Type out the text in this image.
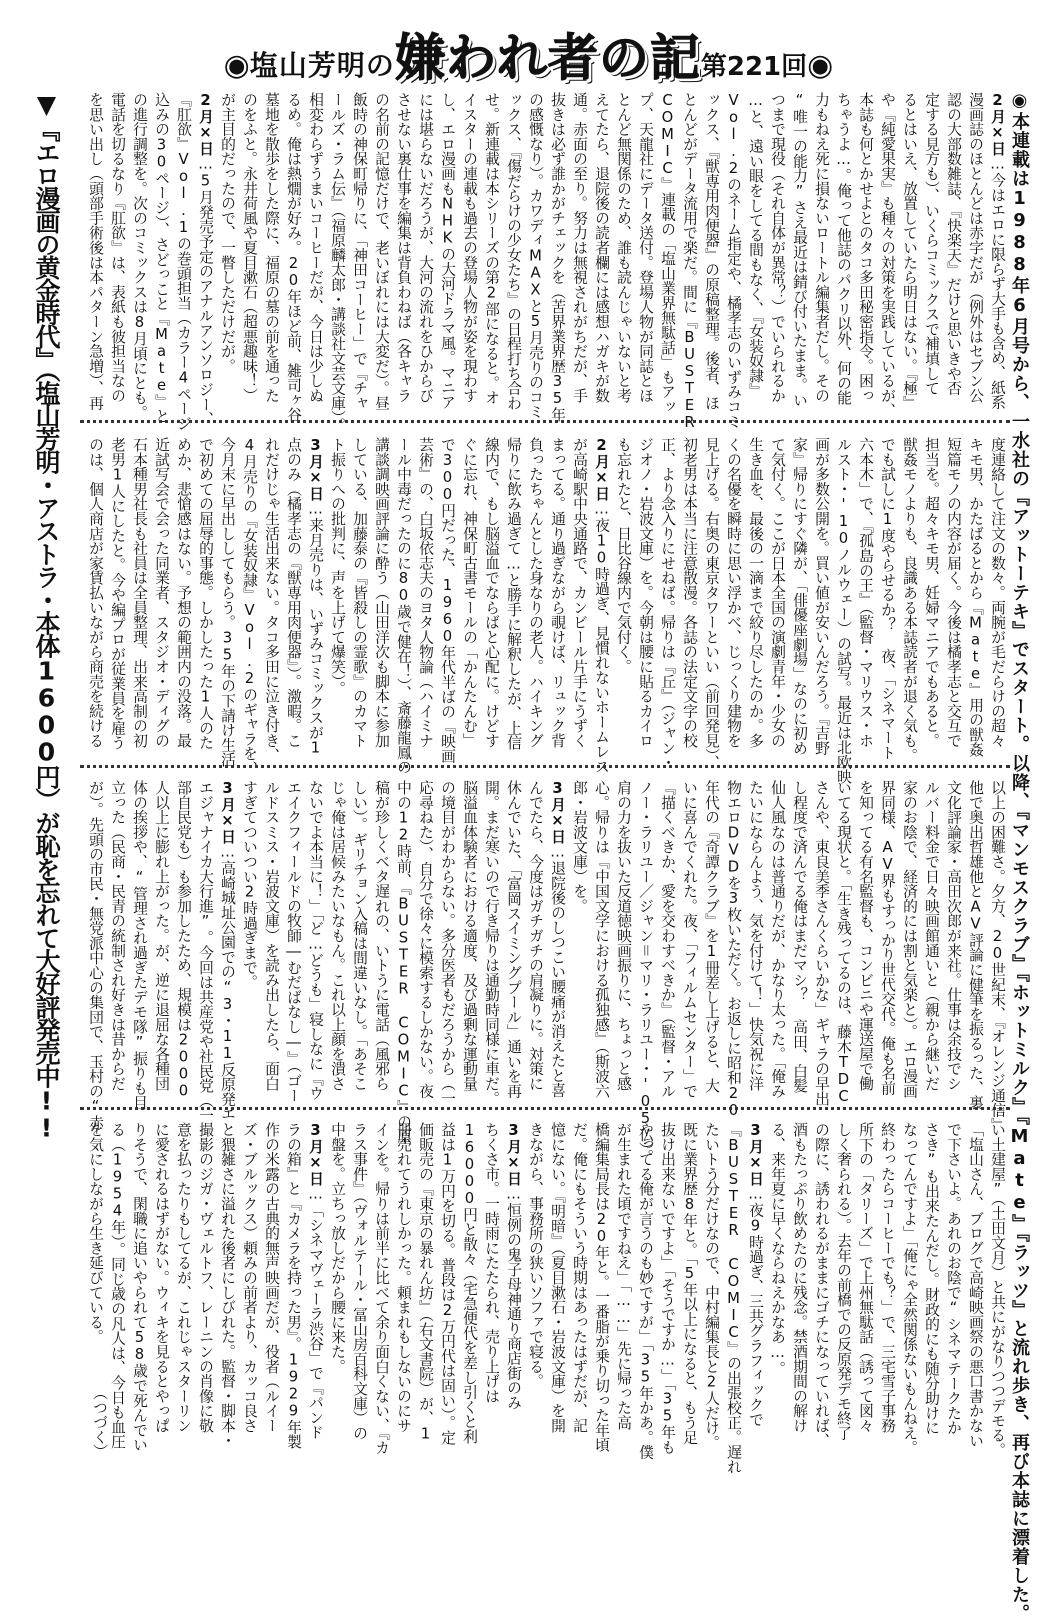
◉塩山芳明の嫌われ者の記第221回◉
▼『エロ漫画の黄金時代』（塩山芳明・アストラ・本体1600円）が恥を忘れて大好評発売中!!	◉本連載は1988年6月号から、一水社の『アットーテキ』でスタート。以降、『マンモスクラブ』『ホットミルク』『Mate』『ラッツ』と流れ歩き、再び本誌に漂着した。
2月×日…今はエロに限らず大手も含め、紙系
漫画誌のほとんどは赤字だが（例外はセブン公
認の大部数雑誌、『快楽天』だけと思いきや否
定する見方も）、いくらコミックスで補填して
るとはいえ、放置していたら明日はない。『極』
や『純愛果実』も種々の対策を実践しているが、
本誌も何とかせよとのタコ多田秘密指令。困っ
ちゃうよ…。俺って他誌のパクリ以外、何の能
力もねえ死に損ないロートル編集者だし。その
“唯一の能力”さえ最近は錆び付いたまま。い
つまで現役（それ自体が異常？）でいられるか
…と、遠い眼をしてる間もなく、『女装奴隷』
Vol.2のネーム指定や、橘孝志のいずみコミ
ックス、『獣専用肉便器』の原稿整理。後者、ほ
とんどがデータ流用で楽だ。間に『BUSTER
COMIC』連載の「塩山業界無駄話」もアッ
プ、天龍社にデータ送付。登場人物が同誌とほ
とんど無関係のため、誰も読んじゃいないと考
えてたら、退院後の読者欄には感想ハガキが数
通。赤面の至り。努力は無視されがちだが、手
抜きは必ず誰かがチェックを（苦界業界歴35年
の感慨なり）。カワディMAXと5月売りのコミ
ックス、『傷だらけの少女たち』の日程打ち合わ
せ。新連載は本シリーズの第2部になると。オ
イスターの連載も過去の登場人物が姿を現わす
し、エロ漫画もNHKの大河ドラマ風。マニア
には堪らないだろうが、大河の流れをひからび
させない裏仕事を編集は背負わねば（各キャラ
の名前の記憶だけで、老いぼれには大変だ）。昼
飯時の神保町帰りに、「神田コーヒー」で『チャ
ールズ・ラム伝』（福原麟太郎・講談社文芸文庫）。
相変わらずうまいコーヒーだが、今日は少しぬ
るめ。俺は熱燗が好み。20年ほど前、雑司ヶ谷
墓地を散歩をした際に、福原の墓の前を通った
のをふと。永井荷風や夏目漱石（超悪趣味！）
が主目的だったので、一瞥しただけだが。
2月×日…5月発売予定のアナルアンソロジー、
『肛欲』Vol.1の巻頭担当（カラー4ページ
込みの30ページ）、さどっこと『Mate』と
の進行調整を。次のコミックスは8月頃にとも。
電話を切るなり『肛欲』は、表紙も彼担当なの
を思い出し（頭部手術後は本パターン急増）、再
度連絡して注文の数々。両腕が毛だらけの超々
キモ男、かたばるとから『Mate』用の獣姦
短篇モノの内容が届く。今後は橘孝志と交互で
担当を。超々キモ男、妊婦マニアでもあると。
獣姦モノよりも、良識ある本誌読者が退く気も。
でも試しに1度やらせるか？ 夜、「シネマート
六本木」で、『孤島の王』（監督・マリウス・ホ
ルスト・'10ノルウェー）の試写。最近は北欧映
画が多数公開を。買い値が安いんだろう。『吉野
家』帰りにすぐ隣が、「俳優座劇場」なのに初め
て気付く。ここが日本全国の演劇青年・少女の
生き血を、最後の一滴まで絞り尽したのか。多
くの名優を瞬時に思い浮かべ、じっくり建物を
見上げる。右奥の東京タワーといい（前回発見）、
初老男は本当に注意散漫。各誌の法定文字の校
正、より念入りにせねば。帰りは『丘』（ジャン・
ジオノ・岩波文庫）を。今朝は腰に貼るカイロ
も忘れたと、日比谷線内で気付く。
2月×日…夜10時過ぎ、見慣れないホームレス
が高崎駅中央通路で、カンビール片手にうずく
まってる。通り過ぎながら覗けば、リュック背
負ったちゃんとした身なりの老人。ハイキング
帰りに飲み過ぎて…と勝手に解釈したが、上信
線内で、もし脳溢血でならばと心配に。けどす
ぐに忘れ、神保町古書モールの「かんたんむ」
で300円だった、1960年代半ばの『映画
芸術』の、白坂依志夫のヨタ人物論（ハイミナ
ール中毒だったのに80歳で健在！）、斎藤龍鳳の
講談調映画評論に酔う（山田洋次も脚本に参加
している、加藤泰の『皆殺しの霊歌』のカマト
ト振りへの批判に、声を上げて爆笑）。
3月×日…来月売りは、いずみコミックスが1
点のみ（橘孝志の『獣専用肉便器』）。激暇。こ
れだけじゃ生活出来ない。タコ多田に泣き付き、
4月売りの『女装奴隷』Vol.2のギャラを、
今月末に早出ししてもらう。35年の下請け生活
で初めての屈辱的事態。しかしたった1人のた
めか、悲愴感はない。予想の範囲内の没落。最
近試写会で会った同業者、スタジオ・ディグの
石本種男社長も社員は全員整理、出来高制の初
老男1人にしたと。今や編プロが従業員を雇う
のは、個人商店が家賃払いながら商売を続ける
以上の困難さ。夕方、20世紀末、『オレンジ通信』
他で奥出哲雄他とAV評論に健筆を振るった、裏
文化評論家・高田次郎が来社。仕事は余技でシ
ルバー料金で日々映画館通いと（親から継いだ
家のお陰で、経済的には割と気楽と）。エロ漫画
界同様、AV界もすっかり世代交代。俺も名前
を知ってる有名監督も、コンビニや運送屋で働
いてる現状と。「生き残ってるのは、藤木TDC
さんや、東良美季さんくらいかな」ギャラの早出
し程度で済んでる俺はまだマシ？ 高田、白髪
仙人風なのは普通りだが、かなり太った。「俺み
たいにならんよう、気を付けて！」快気祝に洋
物エロDVDを3枚いただく。お返しに昭和20
年代の『奇譚クラブ』を1冊差し上げると、大
いに喜んでくれた。夜、「フィルムセンター」で
『描くべきか、愛を交わすべきか』（監督・アル
ノー・ラリユー／ジャン＝マリ・ラリユー・'05仏）。
肩の力を抜いた反道徳映画振りに、ちょっと感
心。帰りは『中国文学における孤独感』（斯波六
郎・岩波文庫）を。
3月×日…退院後のしつこい腰痛が消えたと喜
んでたら、今度はガチガチの肩凝りに。対策に
休んでいた、「富岡スイミングプール」通いを再
開。まだ寒いので行き帰りは通勤時同様に車だ。
脳溢血体験者における適度、及び過剰な運動量
の境目がわからない。多分医者もだろうから（一
応尋ねた）、自分で徐々に模索するしかない。夜
中の12時前、『BUSTER COMIC』の原
稿が珍しくベタ遅れの、いトうに電話（風邪ら
しい）。ギリチョン入稿は間違いなし。「あそこ
じゃ俺は居候みたいなもん。これ以上顔を潰さ
ないでよ本当に！」「ど…どうも」寝しなに『ウ
エイクフィールドの牧師―むだばなし―』（ゴー
ルドスミス・岩波文庫）を読み出したら、面白
すぎてついつい2時過ぎまで。
3月×日…高崎城址公園での“3・11反原発エ
エジャナイカ大行進”。今回は共産党や社民党（一
部自民党も）も参加したため、規模は2000
人以上に膨れ上がった。が、逆に退屈な各種団
体の挨拶や、“管理され過ぎたデモ隊”振りも目
立った（民商・民青の統制され好きは昔からだ
が）。先頭の市民・無党派中心の集団で、玉村の“赤
い土建屋”（土田文月）と共にがなりつつデモる。
「塩山さん、ブログで高崎映画祭の悪口書かない
で下さいよ。あれのお陰で“シネマテークたか
さき”も出来たんだし。財政的にも随分助けに
なってんですよ」「俺にゃ全然関係ないもんねえ。
終わったらコーヒーでも？」で、三宅雪子事務
所下の「タリーズ」で上州無駄話（誘って図々
しく奢られる）。去年の前橋での反原発デモ終了
の際に、誘われるがままにゴチになっていれば、
酒もたっぷり飲めたのに残念。禁酒期間の解け
る、来年夏に早くならねえかなあ…。
3月×日…夜9時過ぎ、三共グラフィックで
『BUSTER COMIC』の出張校正。遅れ
たいトう分だけなので、中村編集長と2人だけ。
既に業界歴8年と。「5年以上になると、もう足
抜け出来ないですよ」「そうですか…」「35年も
やってる俺が言うのも妙ですが」「35年かあ。僕
が生まれた頃ですねえ」「……」先に帰った高
橋編集局長は20年と。一番脂が乗り切った年頃
だ。俺にもそういう時期はあったはずだが、記
憶にない。『明暗』（夏目漱石・岩波文庫）を開
きながら、事務所の狭いソファで寝る。
3月×日…恒例の鬼子母神通り商店街のみ
ちくさ市。一時雨にたたられ、売り上げは
16000円と散々（宅急便代を差し引くと利
益は1万円を切る。普段は2万円代は固い）。定
価販売の『東京の暴れん坊』（右文書院）が、1
冊売れてうれしかった。頼まれもしないのにサ
インを。帰りは前半に比べて余り面白くない、『カ
ラス事件』（ヴォルテール・冨山房百科文庫）の
中盤を。立ちっ放しだから腰に来た。
3月×日…「シネマヴェーラ渋谷」で『パンド
ラの箱』と『カメラを持った男』。1929年製
作の米露の古典的無声映画だが、役者（ルイー
ズ・ブルックス）頼みの前者より、カッコ良さ
と猥雑さに溢れた後者にしびれた。監督・脚本・
撮影のジガ・ヴェルトフ、レーニンの肖像に敬
意を払ったりもしてるが、これじゃスターリン
に愛されるはずがない。ウィキを見るとやっぱ
りそうで、閑職に追いやられて58歳で死んでい
る（1954年）。同じ歳の凡人は、今日も血圧
を気にしながら生き延びている。
（つづく）
